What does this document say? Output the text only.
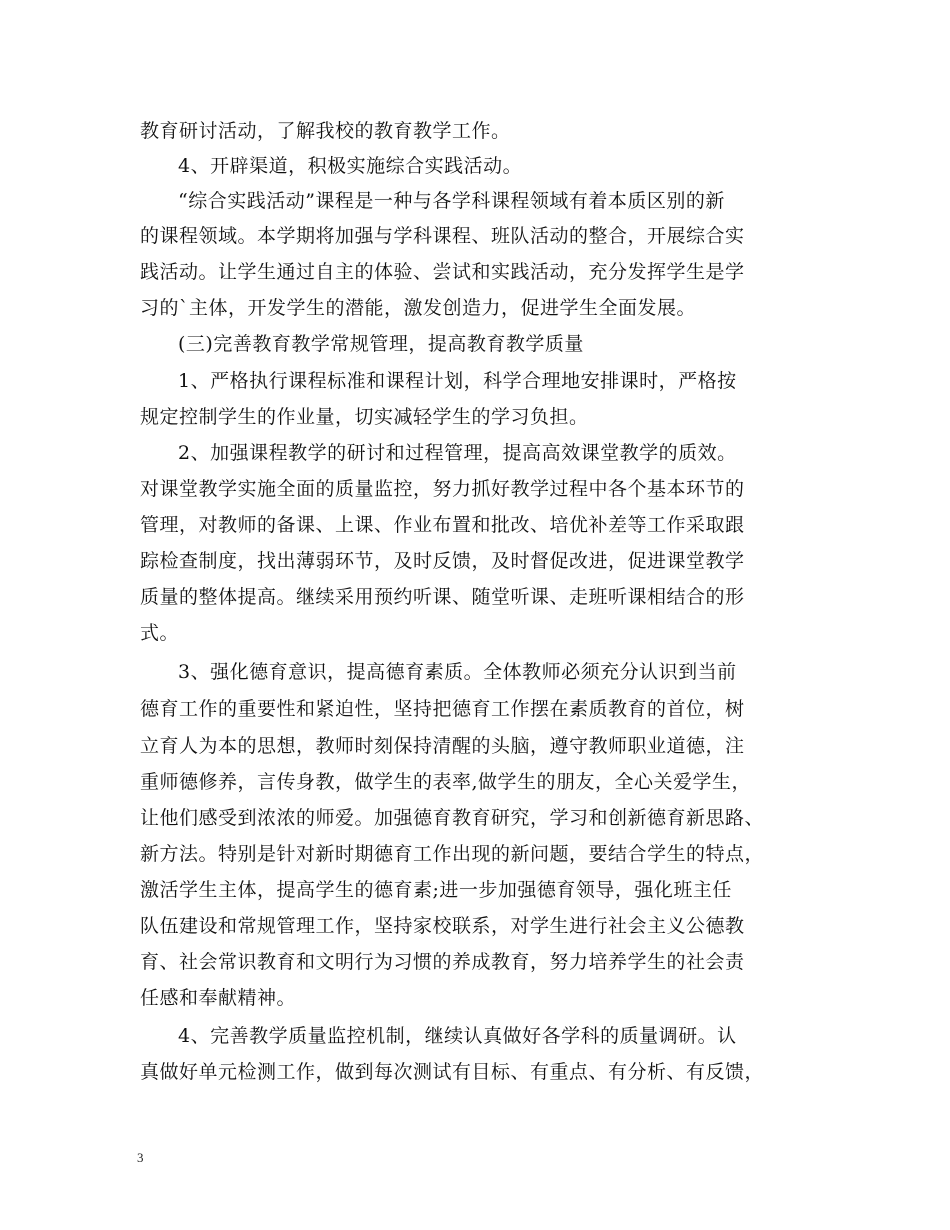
教育研讨活动，了解我校的教育教学工作。
4、开辟渠道，积极实施综合实践活动。
“综合实践活动”课程是一种与各学科课程领域有着本质区别的新
的课程领域。本学期将加强与学科课程、班队活动的整合，开展综合实
践活动。让学生通过自主的体验、尝试和实践活动，充分发挥学生是学
习的`主体，开发学生的潜能，激发创造力，促进学生全面发展。
(三)完善教育教学常规管理，提高教育教学质量
1、严格执行课程标准和课程计划，科学合理地安排课时，严格按
规定控制学生的作业量，切实减轻学生的学习负担。
2、加强课程教学的研讨和过程管理，提高高效课堂教学的质效。
对课堂教学实施全面的质量监控，努力抓好教学过程中各个基本环节的
管理，对教师的备课、上课、作业布置和批改、培优补差等工作采取跟
踪检查制度，找出薄弱环节，及时反馈，及时督促改进，促进课堂教学
质量的整体提高。继续采用预约听课、随堂听课、走班听课相结合的形
式。
3、强化德育意识，提高德育素质。全体教师必须充分认识到当前
德育工作的重要性和紧迫性，坚持把德育工作摆在素质教育的首位，树
立育人为本的思想，教师时刻保持清醒的头脑，遵守教师职业道德，注
重师德修养，言传身教，做学生的表率,做学生的朋友，全心关爱学生，
让他们感受到浓浓的师爱。加强德育教育研究，学习和创新德育新思路、
新方法。特别是针对新时期德育工作出现的新问题，要结合学生的特点，
激活学生主体，提高学生的德育素;进一步加强德育领导，强化班主任
队伍建设和常规管理工作，坚持家校联系，对学生进行社会主义公德教
育、社会常识教育和文明行为习惯的养成教育，努力培养学生的社会责
任感和奉献精神。
4、完善教学质量监控机制，继续认真做好各学科的质量调研。认
真做好单元检测工作，做到每次测试有目标、有重点、有分析、有反馈，
3
